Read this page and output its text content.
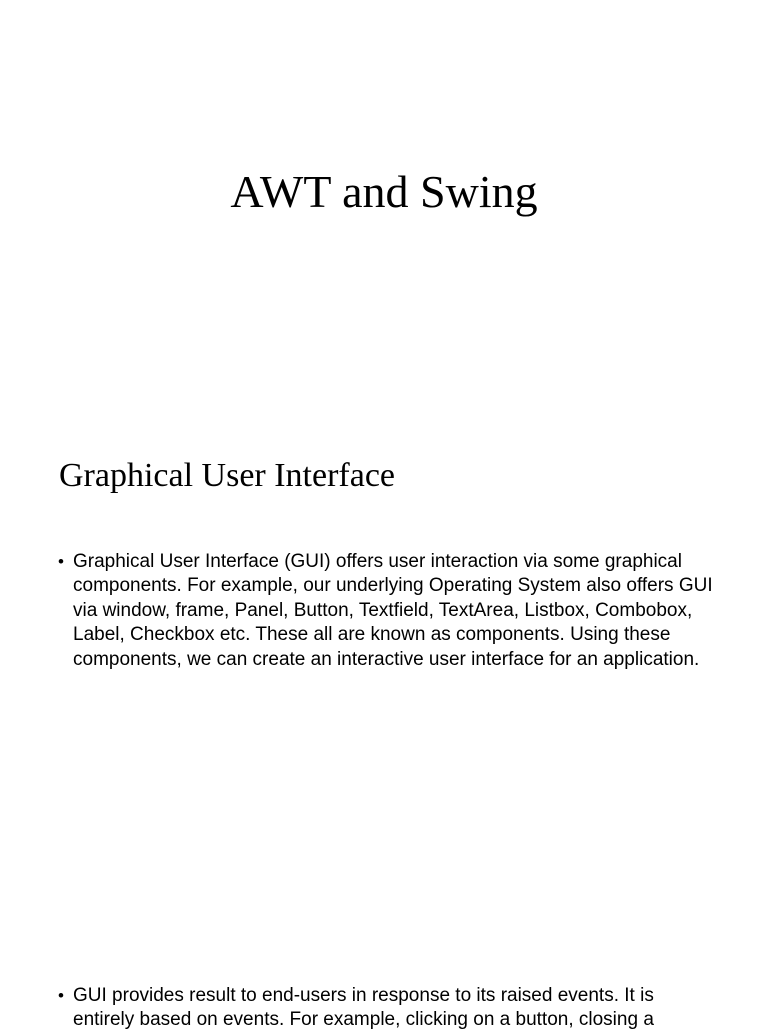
AWT and Swing
Graphical User Interface
• Graphical User Interface (GUI) offers user interaction via some graphical components. For example, our underlying Operating System also offers GUI via window, frame, Panel, Button, Textfield, TextArea, Listbox, Combobox, Label, Checkbox etc. These all are known as components. Using these components, we can create an interactive user interface for an application.
• GUI provides result to end-users in response to its raised events. It is entirely based on events. For example, clicking on a button, closing a
